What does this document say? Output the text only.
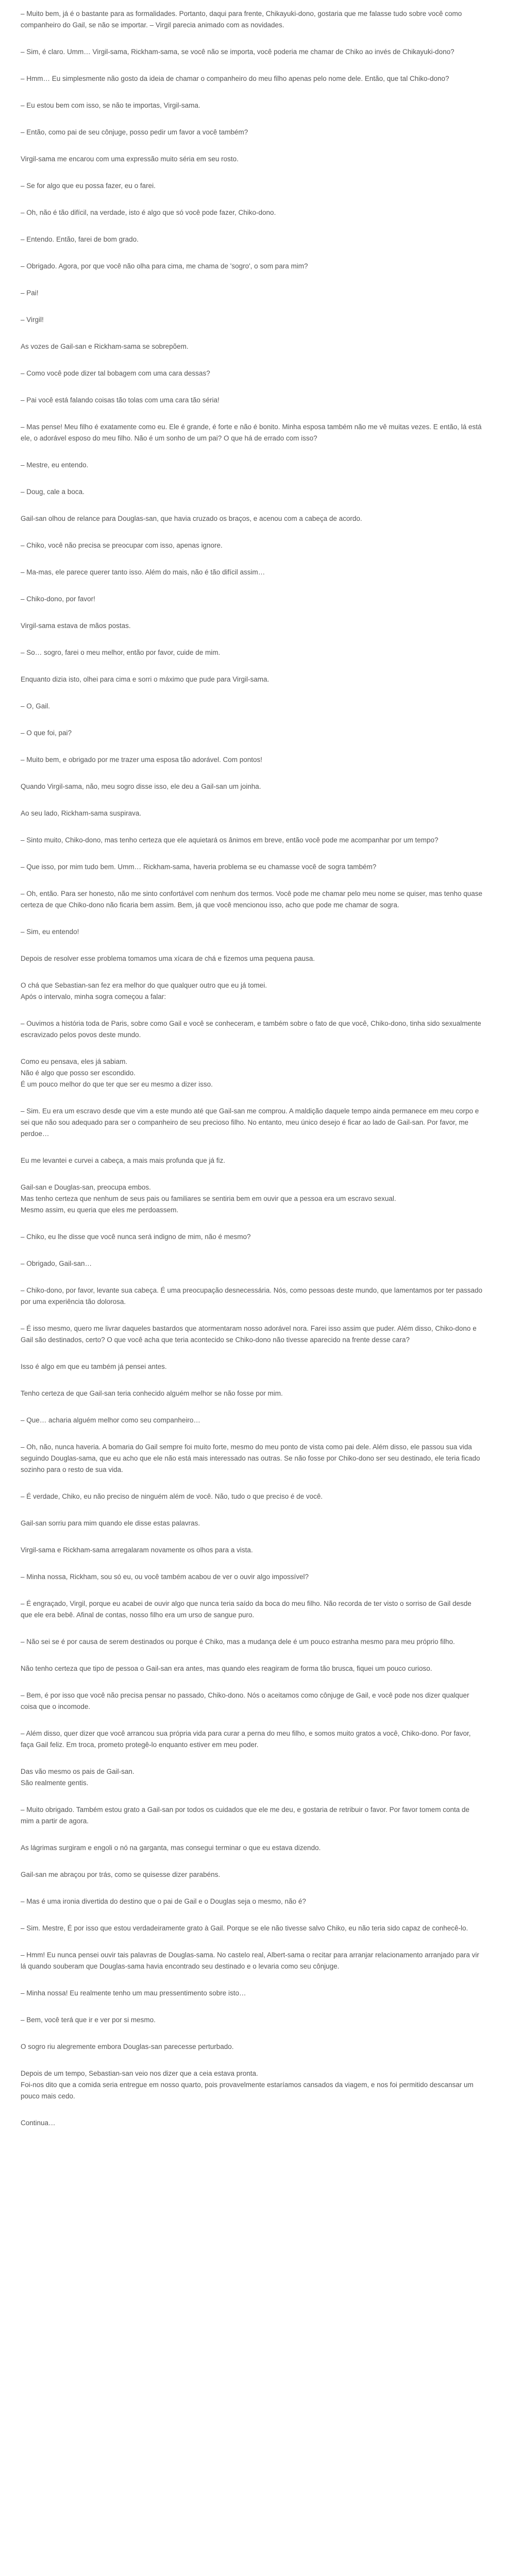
– Muito bem, já é o bastante para as formalidades. Portanto, daqui para frente, Chikayuki-dono, gostaria que me falasse tudo sobre você como companheiro do Gail, se não se importar. – Virgil parecia animado com as novidades.

– Sim, é claro. Umm… Virgil-sama, Rickham-sama, se você não se importa, você poderia me chamar de Chiko ao invés de Chikayuki-dono?

– Hmm… Eu simplesmente não gosto da ideia de chamar o companheiro do meu filho apenas pelo nome dele. Então, que tal Chiko-dono?

– Eu estou bem com isso, se não te importas, Virgil-sama.

– Então, como pai de seu cônjuge, posso pedir um favor a você também?

Virgil-sama me encarou com uma expressão muito séria em seu rosto.

– Se for algo que eu possa fazer, eu o farei.

– Oh, não é tão difícil, na verdade, isto é algo que só você pode fazer, Chiko-dono.

– Entendo. Então, farei de bom grado.

– Obrigado. Agora, por que você não olha para cima, me chama de 'sogro', o som para mim?

– Pai!

– Virgil!

As vozes de Gail-san e Rickham-sama se sobrepõem.

– Como você pode dizer tal bobagem com uma cara dessas?

– Pai você está falando coisas tão tolas com uma cara tão séria!

– Mas pense! Meu filho é exatamente como eu. Ele é grande, é forte e não é bonito. Minha esposa também não me vê muitas vezes. E então, lá está ele, o adorável esposo do meu filho. Não é um sonho de um pai? O que há de errado com isso?

– Mestre, eu entendo.

– Doug, cale a boca.

Gail-san olhou de relance para Douglas-san, que havia cruzado os braços, e acenou com a cabeça de acordo.

– Chiko, você não precisa se preocupar com isso, apenas ignore.

– Ma-mas, ele parece querer tanto isso. Além do mais, não é tão difícil assim…

– Chiko-dono, por favor!

Virgil-sama estava de mãos postas.

– So… sogro, farei o meu melhor, então por favor, cuide de mim.

Enquanto dizia isto, olhei para cima e sorri o máximo que pude para Virgil-sama.

– O, Gail.

– O que foi, pai?

– Muito bem, e obrigado por me trazer uma esposa tão adorável. Com pontos!

Quando Virgil-sama, não, meu sogro disse isso, ele deu a Gail-san um joinha.

Ao seu lado, Rickham-sama suspirava.

– Sinto muito, Chiko-dono, mas tenho certeza que ele aquietará os ânimos em breve, então você pode me acompanhar por um tempo?

– Que isso, por mim tudo bem. Umm… Rickham-sama, haveria problema se eu chamasse você de sogra também?

– Oh, então. Para ser honesto, não me sinto confortável com nenhum dos termos. Você pode me chamar pelo meu nome se quiser, mas tenho quase certeza de que Chiko-dono não ficaria bem assim. Bem, já que você mencionou isso, acho que pode me chamar de sogra.

– Sim, eu entendo!

Depois de resolver esse problema tomamos uma xícara de chá e fizemos uma pequena pausa.

O chá que Sebastian-san fez era melhor do que qualquer outro que eu já tomei.
Após o intervalo, minha sogra começou a falar:

– Ouvimos a história toda de Paris, sobre como Gail e você se conheceram, e também sobre o fato de que você, Chiko-dono, tinha sido sexualmente escravizado pelos povos deste mundo.

Como eu pensava, eles já sabiam.
Não é algo que posso ser escondido.
É um pouco melhor do que ter que ser eu mesmo a dizer isso.

– Sim. Eu era um escravo desde que vim a este mundo até que Gail-san me comprou. A maldição daquele tempo ainda permanece em meu corpo e sei que não sou adequado para ser o companheiro de seu precioso filho. No entanto, meu único desejo é ficar ao lado de Gail-san. Por favor, me perdoe…

Eu me levantei e curvei a cabeça, a mais mais profunda que já fiz.

Gail-san e Douglas-san, preocupa embos.
Mas tenho certeza que nenhum de seus pais ou familiares se sentiria bem em ouvir que a pessoa era um escravo sexual.
Mesmo assim, eu queria que eles me perdoassem.

– Chiko, eu lhe disse que você nunca será indigno de mim, não é mesmo?

– Obrigado, Gail-san…

– Chiko-dono, por favor, levante sua cabeça. É uma preocupação desnecessária. Nós, como pessoas deste mundo, que lamentamos por ter passado por uma experiência tão dolorosa.

– É isso mesmo, quero me livrar daqueles bastardos que atormentaram nosso adorável nora. Farei isso assim que puder. Além disso, Chiko-dono e Gail são destinados, certo? O que você acha que teria acontecido se Chiko-dono não tivesse aparecido na frente desse cara?

Isso é algo em que eu também já pensei antes.

Tenho certeza de que Gail-san teria conhecido alguém melhor se não fosse por mim.

– Que… acharia alguém melhor como seu companheiro…

– Oh, não, nunca haveria. A bomaria do Gail sempre foi muito forte, mesmo do meu ponto de vista como pai dele. Além disso, ele passou sua vida seguindo Douglas-sama, que eu acho que ele não está mais interessado nas outras. Se não fosse por Chiko-dono ser seu destinado, ele teria ficado sozinho para o resto de sua vida.

– É verdade, Chiko, eu não preciso de ninguém além de você. Não, tudo o que preciso é de você.

Gail-san sorriu para mim quando ele disse estas palavras.

Virgil-sama e Rickham-sama arregalaram novamente os olhos para a vista.

– Minha nossa, Rickham, sou só eu, ou você também acabou de ver o ouvir algo impossível?

– É engraçado, Virgil, porque eu acabei de ouvir algo que nunca teria saído da boca do meu filho. Não recorda de ter visto o sorriso de Gail desde que ele era bebê. Afinal de contas, nosso filho era um urso de sangue puro.

– Não sei se é por causa de serem destinados ou porque é Chiko, mas a mudança dele é um pouco estranha mesmo para meu próprio filho.

Não tenho certeza que tipo de pessoa o Gail-san era antes, mas quando eles reagiram de forma tão brusca, fiquei um pouco curioso.

– Bem, é por isso que você não precisa pensar no passado, Chiko-dono. Nós o aceitamos como cônjuge de Gail, e você pode nos dizer qualquer coisa que o incomode.

– Além disso, quer dizer que você arrancou sua própria vida para curar a perna do meu filho, e somos muito gratos a você, Chiko-dono. Por favor, faça Gail feliz. Em troca, prometo protegê-lo enquanto estiver em meu poder.

Das vão mesmo os pais de Gail-san.
São realmente gentis.

– Muito obrigado. Também estou grato a Gail-san por todos os cuidados que ele me deu, e gostaria de retribuir o favor. Por favor tomem conta de mim a partir de agora.

As lágrimas surgiram e engoli o nó na garganta, mas consegui terminar o que eu estava dizendo.

Gail-san me abraçou por trás, como se quisesse dizer parabéns.

– Mas é uma ironia divertida do destino que o pai de Gail e o Douglas seja o mesmo, não é?

– Sim. Mestre, É por isso que estou verdadeiramente grato à Gail. Porque se ele não tivesse salvo Chiko, eu não teria sido capaz de conhecê-lo.

– Hmm! Eu nunca pensei ouvir tais palavras de Douglas-sama. No castelo real, Albert-sama o recitar para arranjar relacionamento arranjado para vir lá quando souberam que Douglas-sama havia encontrado seu destinado e o levaria como seu cônjuge.

– Minha nossa! Eu realmente tenho um mau pressentimento sobre isto…

– Bem, você terá que ir e ver por si mesmo.

O sogro riu alegremente embora Douglas-san parecesse perturbado.

Depois de um tempo, Sebastian-san veio nos dizer que a ceia estava pronta.
Foi-nos dito que a comida seria entregue em nosso quarto, pois provavelmente estaríamos cansados da viagem, e nos foi permitido descansar um pouco mais cedo.

Continua…
